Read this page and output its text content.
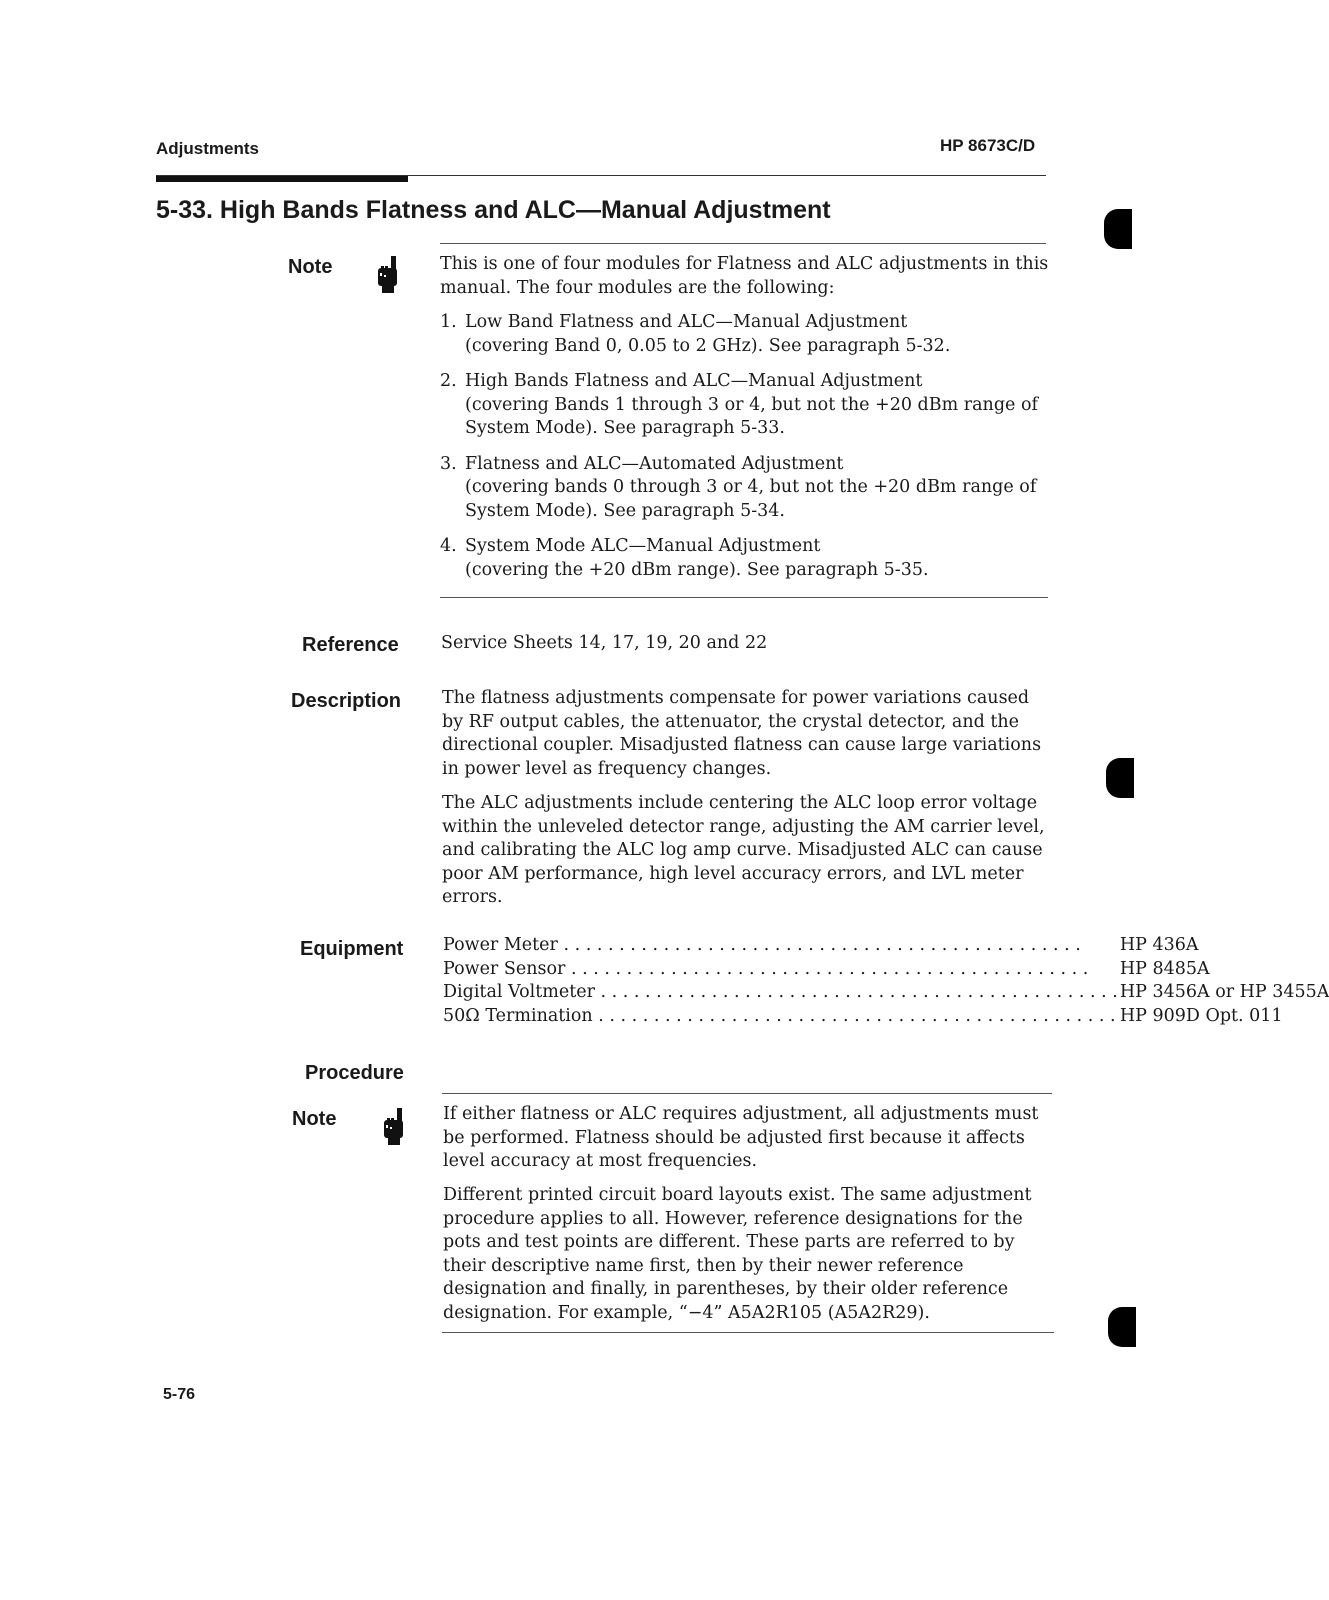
Adjustments	HP 8673C/D
5-33. High Bands Flatness and ALC—Manual Adjustment
Note	This is one of four modules for Flatness and ALC adjustments in this manual. The four modules are the following:
1. Low Band Flatness and ALC—Manual Adjustment
(covering Band 0, 0.05 to 2 GHz). See paragraph 5-32.
2. High Bands Flatness and ALC—Manual Adjustment
(covering Bands 1 through 3 or 4, but not the +20 dBm range of System Mode). See paragraph 5-33.
3. Flatness and ALC—Automated Adjustment
(covering bands 0 through 3 or 4, but not the +20 dBm range of System Mode). See paragraph 5-34.
4. System Mode ALC—Manual Adjustment
(covering the +20 dBm range). See paragraph 5-35.
Reference Service Sheets 14, 17, 19, 20 and 22
Description The flatness adjustments compensate for power variations caused by RF output cables, the attenuator, the crystal detector, and the directional coupler. Misadjusted flatness can cause large variations in power level as frequency changes.
The ALC adjustments include centering the ALC loop error voltage within the unleveled detector range, adjusting the AM carrier level, and calibrating the ALC log amp curve. Misadjusted ALC can cause poor AM performance, high level accuracy errors, and LVL meter errors.
Equipment Power Meter . . .	HP 436A
Power Sensor . . .	HP 8485A
Digital Voltmeter . . .	HP 3456A or HP 3455A
50Ω Termination . . .	HP 909D Opt. 011
Procedure
Note	If either flatness or ALC requires adjustment, all adjustments must be performed. Flatness should be adjusted first because it affects level accuracy at most frequencies.
Different printed circuit board layouts exist. The same adjustment procedure applies to all. However, reference designations for the pots and test points are different. These parts are referred to by their descriptive name first, then by their newer reference designation and finally, in parentheses, by their older reference designation. For example, “−4” A5A2R105 (A5A2R29).
5-76
